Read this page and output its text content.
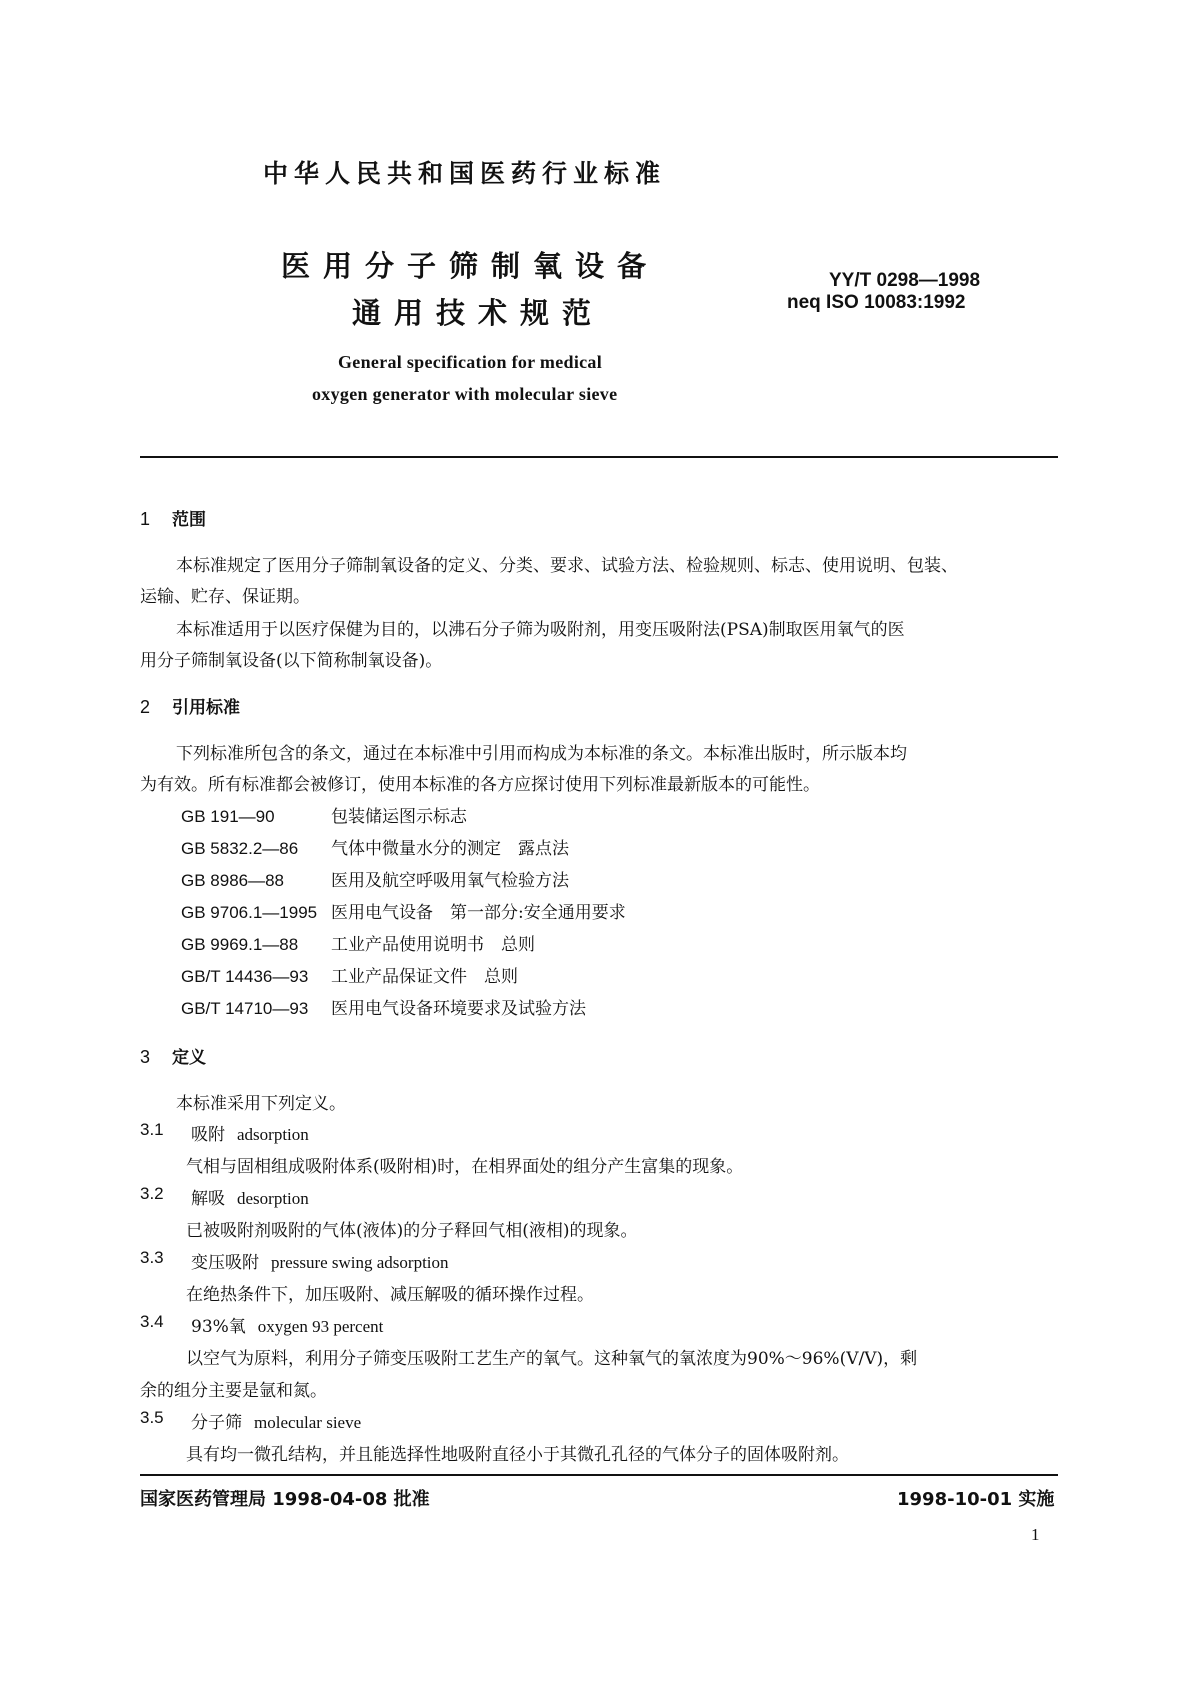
中华人民共和国医药行业标准
医用分子筛制氧设备
通用技术规范
YY/T 0298—1998
neq ISO 10083:1992
General specification for medical
oxygen generator with molecular sieve
1 范围
本标准规定了医用分子筛制氧设备的定义、分类、要求、试验方法、检验规则、标志、使用说明、包装、
运输、贮存、保证期。
本标准适用于以医疗保健为目的，以沸石分子筛为吸附剂，用变压吸附法(PSA)制取医用氧气的医
用分子筛制氧设备(以下简称制氧设备)。
2 引用标准
下列标准所包含的条文，通过在本标准中引用而构成为本标准的条文。本标准出版时，所示版本均
为有效。所有标准都会被修订，使用本标准的各方应探讨使用下列标准最新版本的可能性。
GB 191—90	包装储运图示标志
GB 5832.2—86 气体中微量水分的测定　露点法
GB 8986—88	医用及航空呼吸用氧气检验方法
GB 9706.1—1995 医用电气设备　第一部分:安全通用要求
GB 9969.1—88 工业产品使用说明书　总则
GB/T 14436—93 工业产品保证文件　总则
GB/T 14710—93 医用电气设备环境要求及试验方法
3 定义
本标准采用下列定义。
3.1 吸附 adsorption
气相与固相组成吸附体系(吸附相)时，在相界面处的组分产生富集的现象。
3.2 解吸 desorption
已被吸附剂吸附的气体(液体)的分子释回气相(液相)的现象。
3.3 变压吸附 pressure swing adsorption
在绝热条件下，加压吸附、减压解吸的循环操作过程。
3.4 93%氧 oxygen 93 percent
以空气为原料，利用分子筛变压吸附工艺生产的氧气。这种氧气的氧浓度为90%～96%(V/V)，剩
余的组分主要是氩和氮。
3.5 分子筛 molecular sieve
具有均一微孔结构，并且能选择性地吸附直径小于其微孔孔径的气体分子的固体吸附剂。
国家医药管理局 1998-04-08 批准	1998-10-01 实施
1
